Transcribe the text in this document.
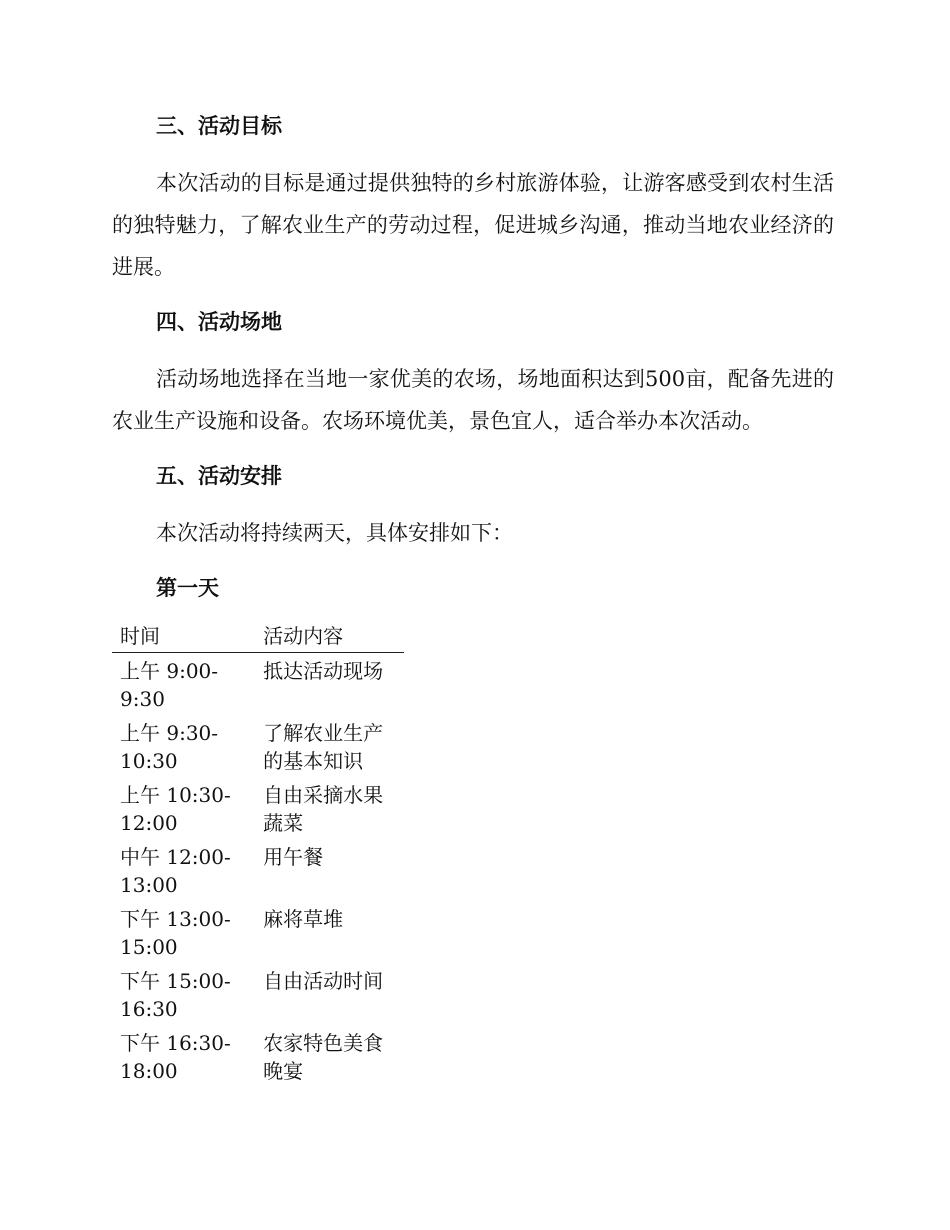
三、活动目标

本次活动的目标是通过提供独特的乡村旅游体验，让游客感受到农村生活的独特魅力，了解农业生产的劳动过程，促进城乡沟通，推动当地农业经济的进展。

四、活动场地

活动场地选择在当地一家优美的农场，场地面积达到500亩，配备先进的农业生产设施和设备。农场环境优美，景色宜人，适合举办本次活动。

五、活动安排

本次活动将持续两天，具体安排如下：

第一天
时间	活动内容
上午 9:00-9:30	抵达活动现场
上午 9:30-10:30	了解农业生产的基本知识
上午 10:30-12:00	自由采摘水果蔬菜
中午 12:00-13:00	用午餐
下午 13:00-15:00	麻将草堆
下午 15:00-16:30	自由活动时间
下午 16:30-18:00	农家特色美食晚宴
